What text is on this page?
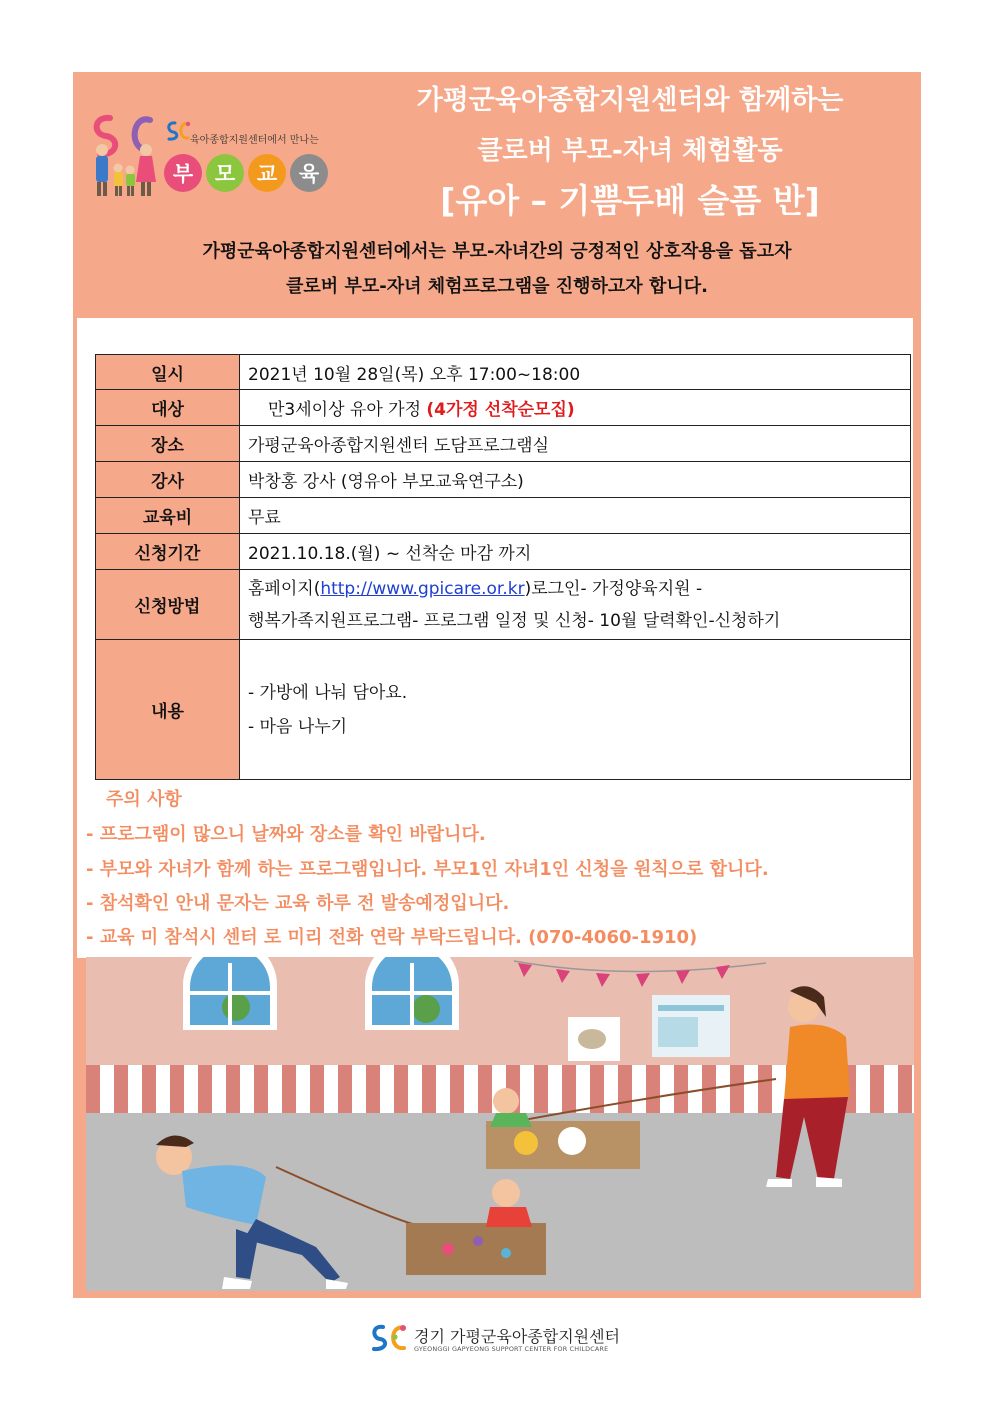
육아종합지원센터에서 만나는
부	모	교	육
가평군육아종합지원센터와 함께하는
클로버 부모-자녀 체험활동
[유아 – 기쁨두배 슬픔 반]
가평군육아종합지원센터에서는 부모-자녀간의 긍정적인 상호작용을 돕고자
클로버 부모-자녀 체험프로그램을 진행하고자 합니다.
일시	2021년 10월 28일(목) 오후 17:00~18:00
대상	만3세이상 유아 가정 (4가정 선착순모집)
장소	가평군육아종합지원센터 도담프로그램실
강사	박창홍 강사 (영유아 부모교육연구소)
교육비	무료
신청기간	2021.10.18.(월) ~ 선착순 마감 까지
신청방법	홈페이지(http://www.gpicare.or.kr)로그인- 가정양육지원 -
행복가족지원프로그램- 프로그램 일정 및 신청- 10월 달력확인-신청하기
내용	- 가방에 나눠 담아요.
- 마음 나누기
주의 사항
- 프로그램이 많으니 날짜와 장소를 확인 바랍니다.
- 부모와 자녀가 함께 하는 프로그램입니다. 부모1인 자녀1인 신청을 원칙으로 합니다.
- 참석확인 안내 문자는 교육 하루 전 발송예정입니다.
- 교육 미 참석시 센터 로 미리 전화 연락 부탁드립니다. (070-4060-1910)
경기 가평군육아종합지원센터
GYEONGGI GAPYEONG SUPPORT CENTER FOR CHILDCARE
